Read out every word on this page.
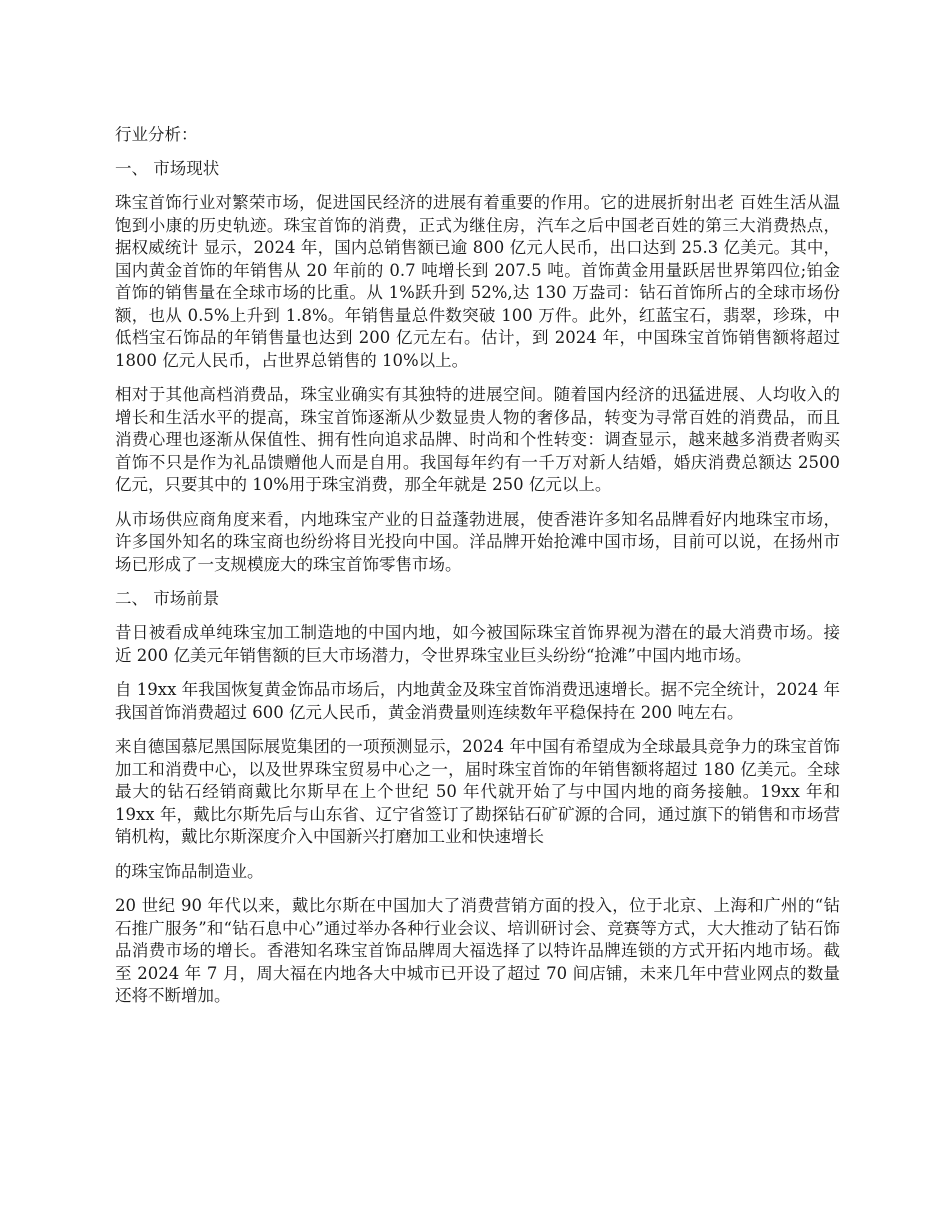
行业分析：

一、 市场现状

珠宝首饰行业对繁荣市场，促进国民经济的进展有着重要的作用。它的进展折射出老 百姓生活从温饱到小康的历史轨迹。珠宝首饰的消费，正式为继住房，汽车之后中国老百姓的第三大消费热点，据权威统计 显示，2024 年，国内总销售额已逾 800 亿元人民币，出口达到 25.3 亿美元。其中，国内黄金首饰的年销售从 20 年前的 0.7 吨增长到 207.5 吨。首饰黄金用量跃居世界第四位;铂金首饰的销售量在全球市场的比重。从 1%跃升到 52%,达 130 万盎司：钻石首饰所占的全球市场份额，也从 0.5%上升到 1.8%。年销售量总件数突破 100 万件。此外，红蓝宝石，翡翠，珍珠，中低档宝石饰品的年销售量也达到 200 亿元左右。估计，到 2024 年，中国珠宝首饰销售额将超过 1800 亿元人民币，占世界总销售的 10%以上。

相对于其他高档消费品，珠宝业确实有其独特的进展空间。随着国内经济的迅猛进展、人均收入的增长和生活水平的提高，珠宝首饰逐渐从少数显贵人物的奢侈品，转变为寻常百姓的消费品，而且消费心理也逐渐从保值性、拥有性向追求品牌、时尚和个性转变：调查显示，越来越多消费者购买首饰不只是作为礼品馈赠他人而是自用。我国每年约有一千万对新人结婚，婚庆消费总额达 2500 亿元，只要其中的 10%用于珠宝消费，那全年就是 250 亿元以上。

从市场供应商角度来看，内地珠宝产业的日益蓬勃进展，使香港许多知名品牌看好内地珠宝市场，许多国外知名的珠宝商也纷纷将目光投向中国。洋品牌开始抢滩中国市场，目前可以说，在扬州市场已形成了一支规模庞大的珠宝首饰零售市场。

二、 市场前景

昔日被看成单纯珠宝加工制造地的中国内地，如今被国际珠宝首饰界视为潜在的最大消费市场。接近 200 亿美元年销售额的巨大市场潜力，令世界珠宝业巨头纷纷“抢滩”中国内地市场。

自 19xx 年我国恢复黄金饰品市场后，内地黄金及珠宝首饰消费迅速增长。据不完全统计，2024 年我国首饰消费超过 600 亿元人民币，黄金消费量则连续数年平稳保持在 200 吨左右。

来自德国慕尼黑国际展览集团的一项预测显示，2024 年中国有希望成为全球最具竞争力的珠宝首饰加工和消费中心，以及世界珠宝贸易中心之一，届时珠宝首饰的年销售额将超过 180 亿美元。全球最大的钻石经销商戴比尔斯早在上个世纪 50 年代就开始了与中国内地的商务接触。19xx 年和 19xx 年，戴比尔斯先后与山东省、辽宁省签订了勘探钻石矿矿源的合同，通过旗下的销售和市场营销机构，戴比尔斯深度介入中国新兴打磨加工业和快速增长

的珠宝饰品制造业。

20 世纪 90 年代以来，戴比尔斯在中国加大了消费营销方面的投入，位于北京、上海和广州的“钻石推广服务”和“钻石息中心”通过举办各种行业会议、培训研讨会、竞赛等方式，大大推动了钻石饰品消费市场的增长。香港知名珠宝首饰品牌周大福选择了以特许品牌连锁的方式开拓内地市场。截至 2024 年 7 月，周大福在内地各大中城市已开设了超过 70 间店铺，未来几年中营业网点的数量还将不断增加。
